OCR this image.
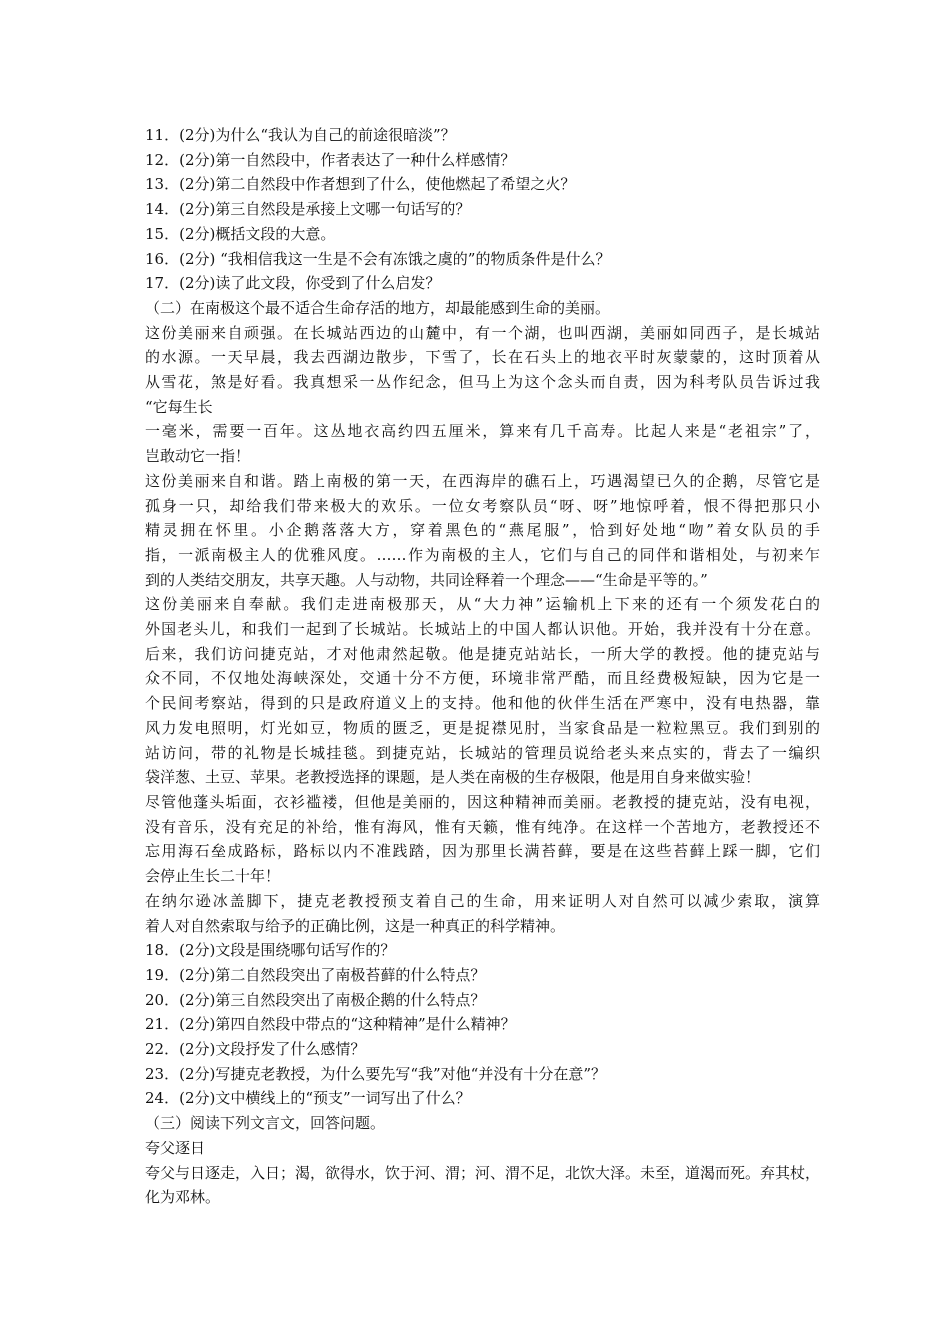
11．(2分)为什么“我认为自己的前途很暗淡”？
12．(2分)第一自然段中，作者表达了一种什么样感情？
13．(2分)第二自然段中作者想到了什么，使他燃起了希望之火？
14．(2分)第三自然段是承接上文哪一句话写的？
15．(2分)概括文段的大意。
16．(2分) “我相信我这一生是不会有冻饿之虞的”的物质条件是什么？
17．(2分)读了此文段，你受到了什么启发？
（二）在南极这个最不适合生命存活的地方，却最能感到生命的美丽。
这份美丽来自顽强。在长城站西边的山麓中，有一个湖，也叫西湖，美丽如同西子，是长城站
的水源。一天早晨，我去西湖边散步，下雪了，长在石头上的地衣平时灰蒙蒙的，这时顶着从
从雪花，煞是好看。我真想采一丛作纪念，但马上为这个念头而自责，因为科考队员告诉过我
“它每生长
一毫米，需要一百年。这丛地衣高约四五厘米，算来有几千高寿。比起人来是“老祖宗”了，
岂敢动它一指！
这份美丽来自和谐。踏上南极的第一天，在西海岸的礁石上，巧遇渴望已久的企鹅，尽管它是
孤身一只，却给我们带来极大的欢乐。一位女考察队员“呀、呀”地惊呼着，恨不得把那只小
精灵拥在怀里。小企鹅落落大方，穿着黑色的“燕尾服”，恰到好处地“吻”着女队员的手
指，一派南极主人的优雅风度。……作为南极的主人，它们与自己的同伴和谐相处，与初来乍
到的人类结交朋友，共享天趣。人与动物，共同诠释着一个理念——“生命是平等的。”
这份美丽来自奉献。我们走进南极那天，从“大力神”运输机上下来的还有一个须发花白的
外国老头儿，和我们一起到了长城站。长城站上的中国人都认识他。开始，我并没有十分在意。
后来，我们访问捷克站，才对他肃然起敬。他是捷克站站长，一所大学的教授。他的捷克站与
众不同，不仅地处海峡深处，交通十分不方便，环境非常严酷，而且经费极短缺，因为它是一
个民间考察站，得到的只是政府道义上的支持。他和他的伙伴生活在严寒中，没有电热器，靠
风力发电照明，灯光如豆，物质的匮乏，更是捉襟见肘，当家食品是一粒粒黑豆。我们到别的
站访问，带的礼物是长城挂毯。到捷克站，长城站的管理员说给老头来点实的，背去了一编织
袋洋葱、土豆、苹果。老教授选择的课题，是人类在南极的生存极限，他是用自身来做实验！
尽管他蓬头垢面，衣衫褴褛，但他是美丽的，因这种精神而美丽。老教授的捷克站，没有电视，
没有音乐，没有充足的补给，惟有海风，惟有天籁，惟有纯净。在这样一个苦地方，老教授还不
忘用海石垒成路标，路标以内不准践踏，因为那里长满苔藓，要是在这些苔藓上踩一脚，它们
会停止生长二十年！
在纳尔逊冰盖脚下，捷克老教授预支着自己的生命，用来证明人对自然可以减少索取，演算
着人对自然索取与给予的正确比例，这是一种真正的科学精神。
18．(2分)文段是围绕哪句话写作的？
19．(2分)第二自然段突出了南极苔藓的什么特点？
20．(2分)第三自然段突出了南极企鹅的什么特点？
21．(2分)第四自然段中带点的“这种精神”是什么精神？
22．(2分)文段抒发了什么感情？
23．(2分)写捷克老教授，为什么要先写“我”对他“并没有十分在意”？
24．(2分)文中横线上的“预支”一词写出了什么？
（三）阅读下列文言文，回答问题。
夸父逐日
夸父与日逐走，入日；渴，欲得水，饮于河、渭；河、渭不足，北饮大泽。未至，道渴而死。弃其杖，
化为邓林。
